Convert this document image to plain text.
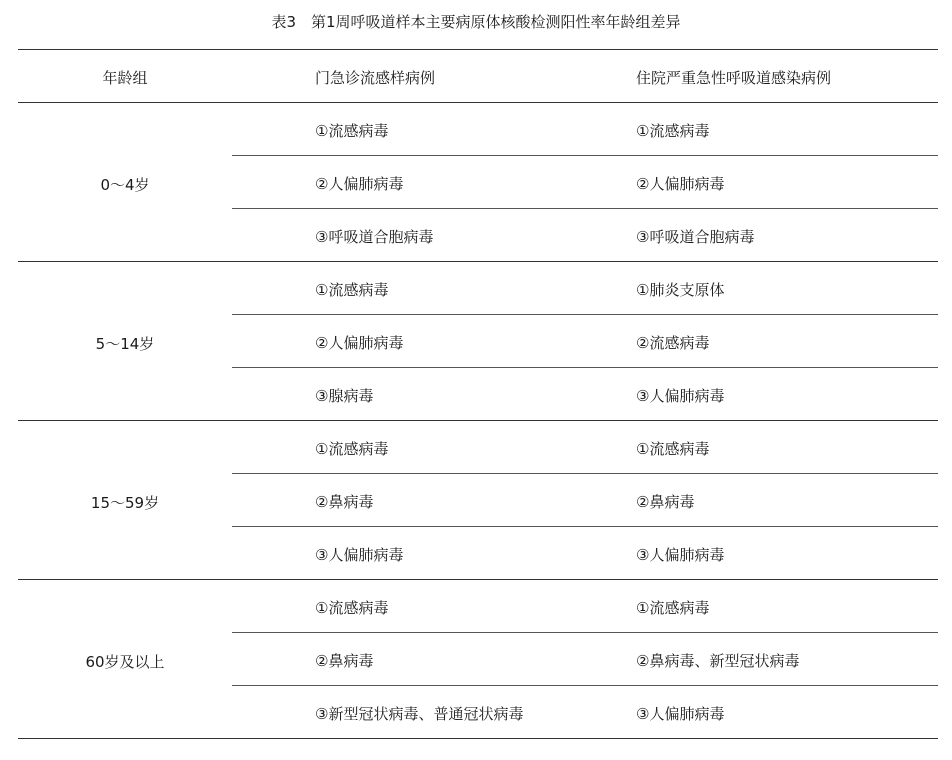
表3　第1周呼吸道样本主要病原体核酸检测阳性率年龄组差异
年龄组	门急诊流感样病例	住院严重急性呼吸道感染病例
0～4岁
①流感病毒	①流感病毒
②人偏肺病毒	②人偏肺病毒
③呼吸道合胞病毒	③呼吸道合胞病毒
5～14岁
①流感病毒	①肺炎支原体
②人偏肺病毒	②流感病毒
③腺病毒	③人偏肺病毒
15～59岁
①流感病毒	①流感病毒
②鼻病毒	②鼻病毒
③人偏肺病毒	③人偏肺病毒
60岁及以上
①流感病毒	①流感病毒
②鼻病毒	②鼻病毒、新型冠状病毒
③新型冠状病毒、普通冠状病毒	③人偏肺病毒
